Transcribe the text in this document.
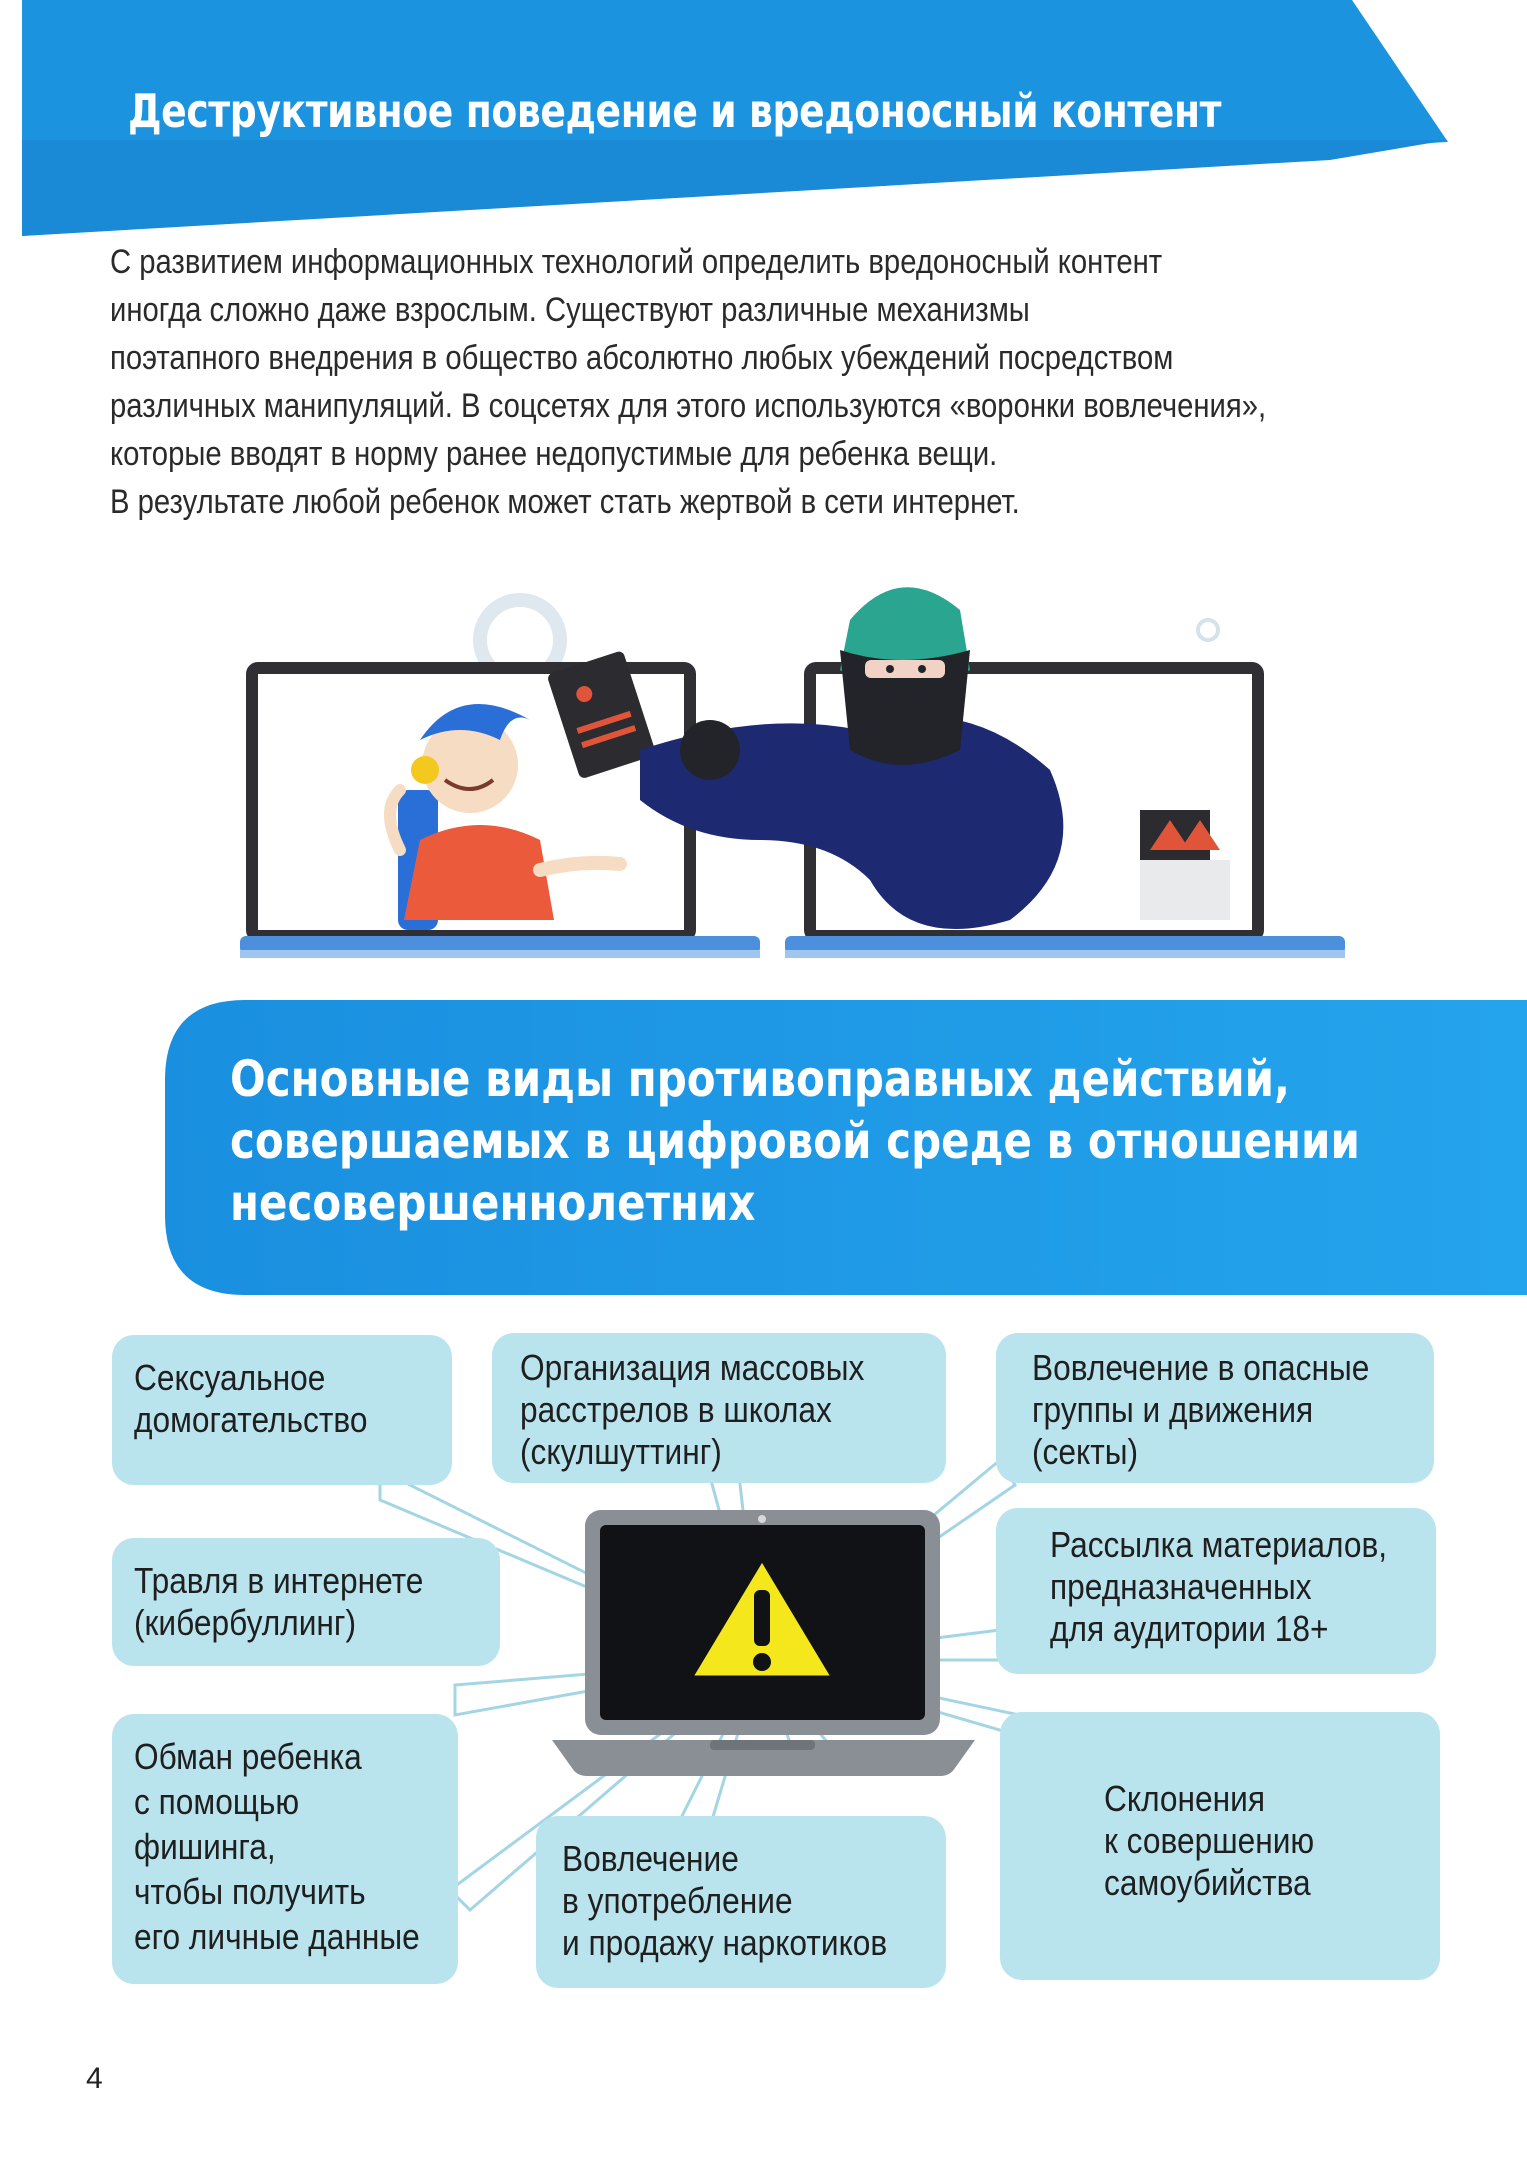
Деструктивное поведение и вредоносный контент
С развитием информационных технологий определить вредоносный контент
иногда сложно даже взрослым. Существуют различные механизмы
поэтапного внедрения в общество абсолютно любых убеждений посредством
различных манипуляций. В соцсетях для этого используются «воронки вовлечения»,
которые вводят в норму ранее недопустимые для ребенка вещи.
В результате любой ребенок может стать жертвой в сети интернет.
Основные виды противоправных действий,
совершаемых в цифровой среде в отношении
несовершеннолетних
Сексуальное
домогательство
Организация массовых
расстрелов в школах
(скулшуттинг)
Вовлечение в опасные
группы и движения
(секты)
Травля в интернете
(кибербуллинг)
Рассылка материалов,
предназначенных
для аудитории 18+
Обман ребенка
с помощью
фишинга,
чтобы получить
его личные данные
Вовлечение
в употребление
и продажу наркотиков
Склонения
к совершению
самоубийства
4
